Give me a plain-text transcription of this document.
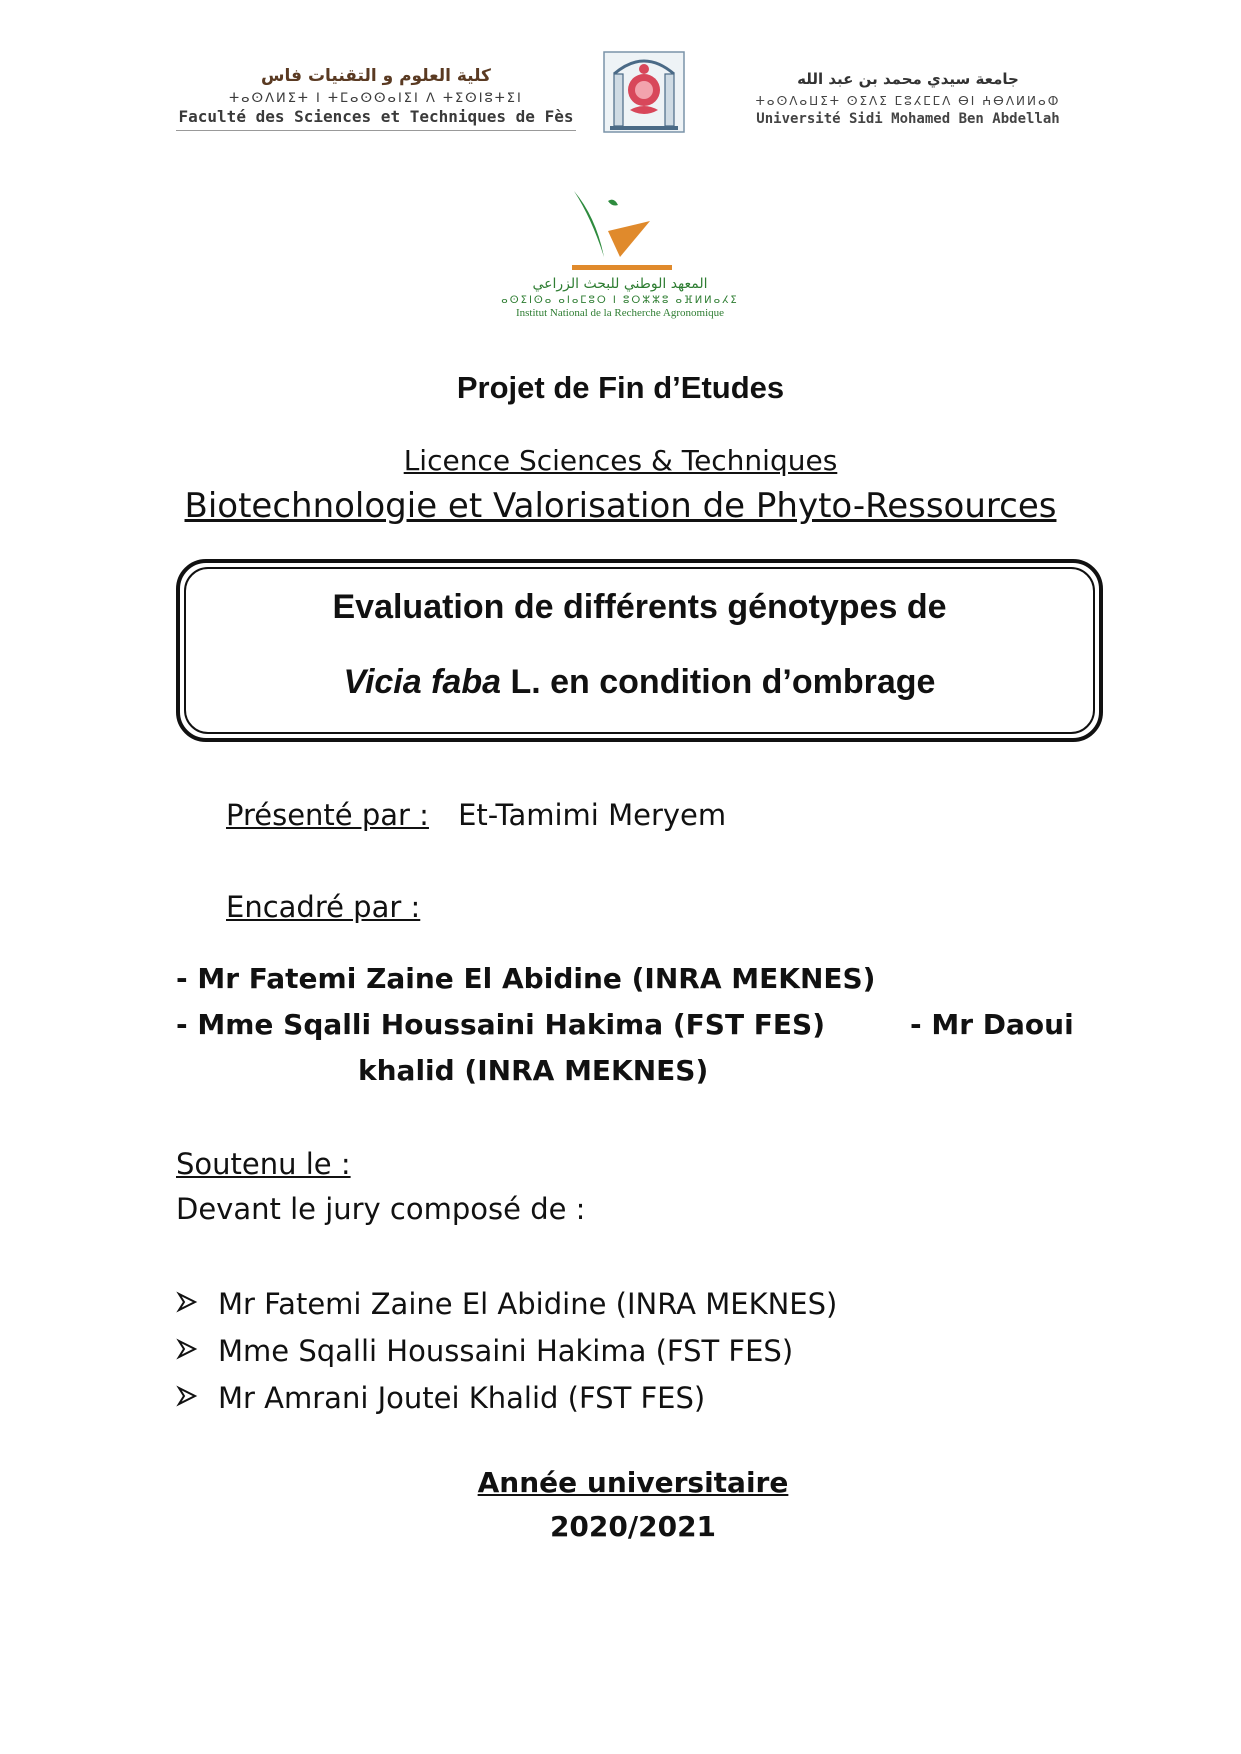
كلية العلوم و التقنيات فاس
ⵜⴰⵙⴷⵍⵉⵜ ⵏ ⵜⵎⴰⵙⵙⴰⵏⵉⵏ ⴷ ⵜⵉⵙⵏⵓⵜⵉⵏ
Faculté des Sciences et Techniques de Fès
جامعة سيدي محمد بن عبد الله
ⵜⴰⵙⴷⴰⵡⵉⵜ ⵙⵉⴷⵉ ⵎⵓⵃⵎⵎⴷ ⴱⵏ ⵄⴱⴷⵍⵍⴰⵀ
Université Sidi Mohamed Ben Abdellah
المعهد الوطني للبحث الزراعي
ⴰⵙⵉⵏⵙⴰ ⴰⵏⴰⵎⵓⵔ ⵏ ⵓⵔⵣⵣⵓ ⴰⴼⵍⵍⴰⵃⵉ
Institut National de la Recherche Agronomique
Projet de Fin d’Etudes
Licence Sciences & Techniques
Biotechnologie et Valorisation de Phyto-Ressources
Evaluation de différents génotypes de
Vicia faba L. en condition d’ombrage
Présenté par : Et-Tamimi Meryem
Encadré par :
- Mr Fatemi Zaine El Abidine (INRA MEKNES)
- Mme Sqalli Houssaini Hakima (FST FES)	- Mr Daoui
khalid (INRA MEKNES)
Soutenu le :
Devant le jury composé de :
Mr Fatemi Zaine El Abidine (INRA MEKNES)
Mme Sqalli Houssaini Hakima (FST FES)
Mr Amrani Joutei Khalid (FST FES)
Année universitaire
2020/2021
